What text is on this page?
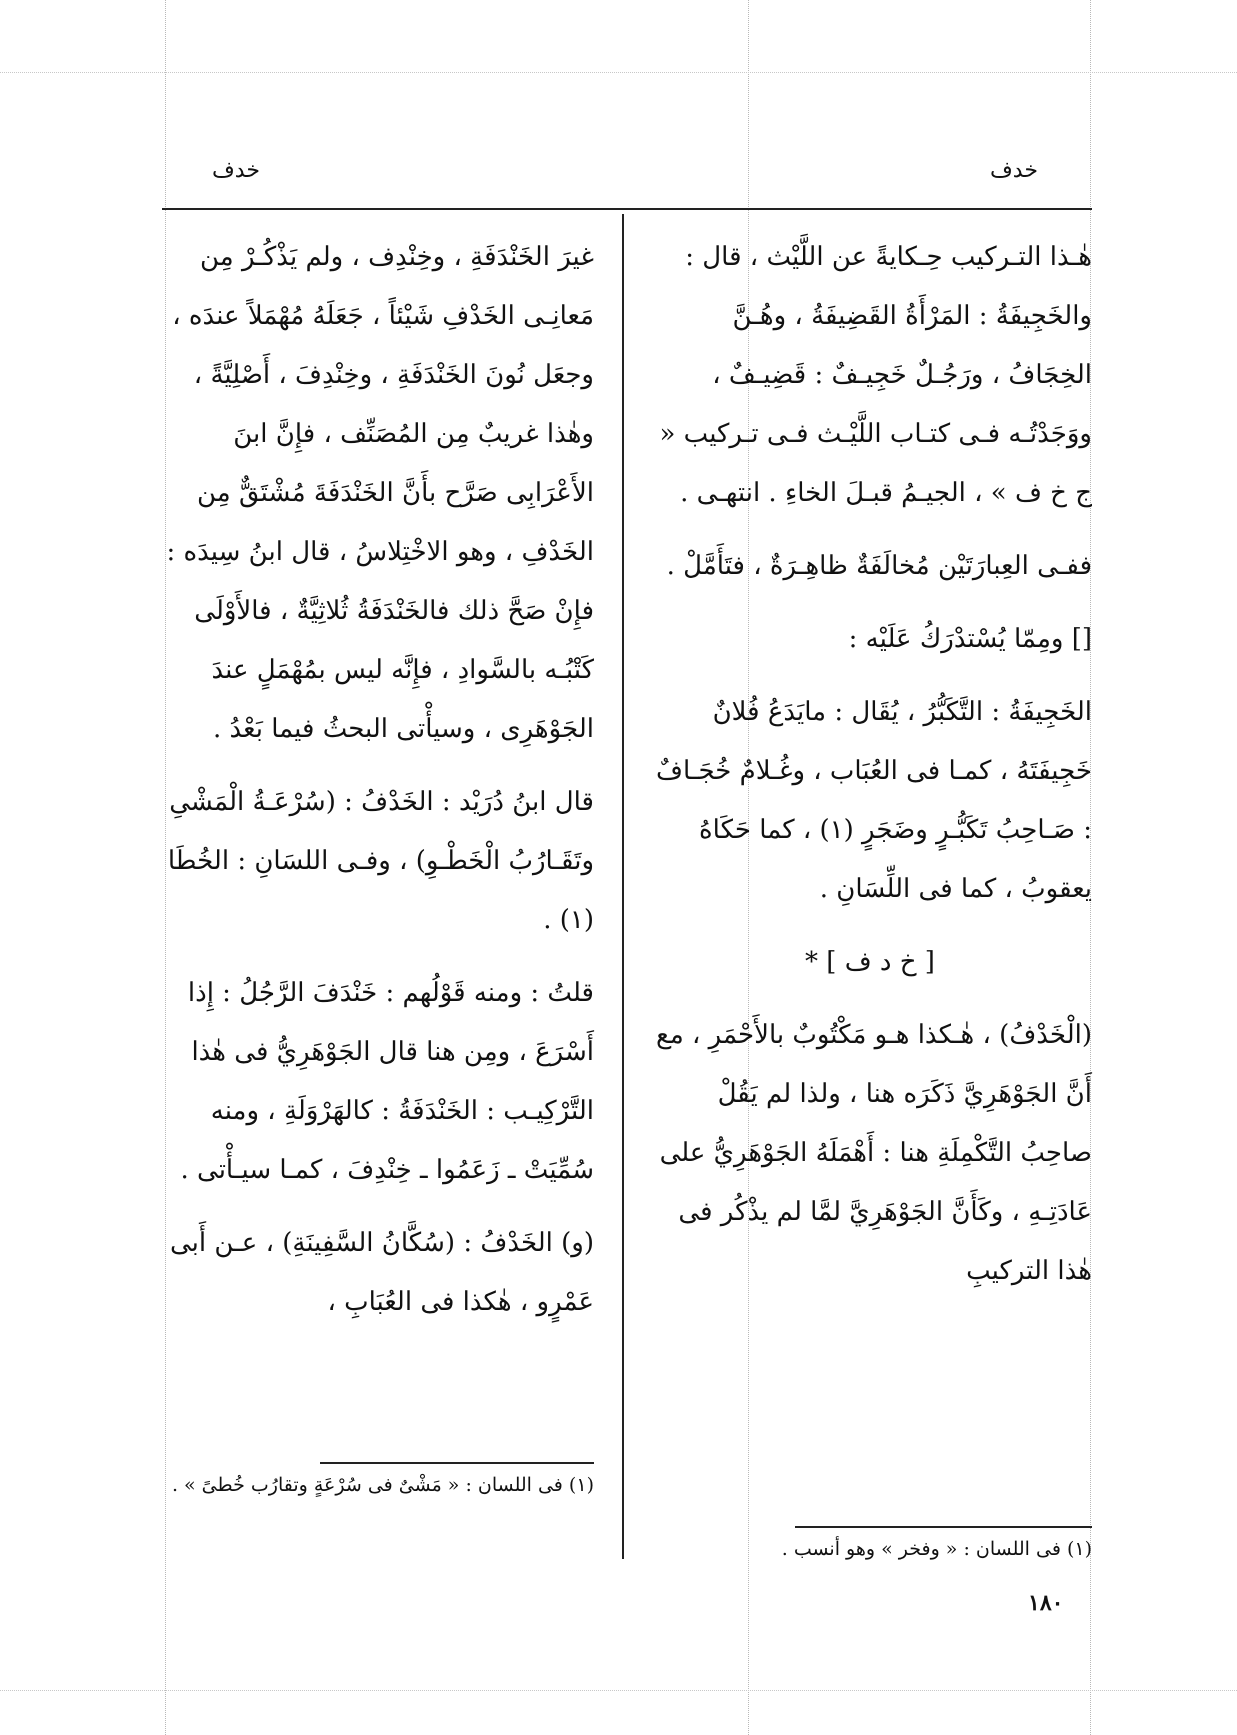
خدف
خدف

هٰـذا التـركيب حِـكايةً عن اللَّيْث ، قال : والخَجِيفَةُ : المَرْأَةُ القَضِيفَةُ ، وهُـنَّ الخِجَافُ ، ورَجُـلٌ خَجِيـفٌ : قَضِيـفٌ ، ووَجَدْتُـه فـى كتـاب اللَّيْـث فـى تـركيب « ج خ ف » ، الجيـمُ قبـلَ الخاءِ . انتهـى .

ففـى العِبارَتَيْن مُخالَفَةٌ ظاهِـرَةٌ ، فتَأَمَّلْ .

[] ومِمّا يُسْتدْرَكُ عَلَيْه :

الخَجِيفَةُ : التَّكَبُّرُ ، يُقَال : مايَدَعُ فُلانٌ خَجِيفَتَهُ ، كمـا فى العُبَاب ، وغُـلامٌ خُجَـافٌ : صَـاحِبُ تَكَبُّـرٍ وضَجَرٍ (١) ، كما حَكَاهُ يعقوبُ ، كما فى اللِّسَانِ .

[ خ د ف ] *

(الْخَدْفُ) ، هٰـكذا هـو مَكْتُوبٌ بالأَحْمَرِ ، مع أَنَّ الجَوْهَرِيَّ ذَكَرَه هنا ، ولذا لم يَقُلْ صاحِبُ التَّكْمِلَةِ هنا : أَهْمَلَهُ الجَوْهَرِيُّ على عَادَتِـهِ ، وكَأَنَّ الجَوْهَرِيَّ لمَّا لم يذْكُر فى هٰذا التركيبِ

غيرَ الخَنْدَفَةِ ، وخِنْدِف ، ولم يَذْكُـرْ مِن مَعانِـى الخَدْفِ شَيْئاً ، جَعَلَهُ مُهْمَلاً عندَه ، وجعَل نُونَ الخَنْدَفَةِ ، وخِنْدِفَ ، أَصْلِيَّةً ، وهٰذا غريبٌ مِن المُصَنِّف ، فإِنَّ ابنَ الأَعْرَابِى صَرَّح بأَنَّ الخَنْدَفَةَ مُشْتَقٌّ مِن الخَدْفِ ، وهو الاخْتِلاسُ ، قال ابنُ سِيدَه : فإِنْ صَحَّ ذلك فالخَنْدَفَةُ ثُلاثِيَّةٌ ، فالأَوْلَى كَتْبُـه بالسَّوادِ ، فإِنَّه ليس بمُهْمَلٍ عندَ الجَوْهَرِى ، وسيأْتى البحثُ فيما بَعْدُ .

قال ابنُ دُرَيْد : الخَدْفُ : (سُرْعَـةُ الْمَشْىِ وتَقَـارُبُ الْخَطْـوِ) ، وفـى اللسَانِ : الخُطَا (١) .

قلتُ : ومنه قَوْلُهم : خَنْدَفَ الرَّجُلُ : إِذا أَسْرَعَ ، ومِن هنا قال الجَوْهَرِيُّ فى هٰذا التَّرْكِيـب : الخَنْدَفَةُ : كالهَرْوَلَةِ ، ومنه سُمِّيَتْ ـ زَعَمُوا ـ خِنْدِفَ ، كمـا سيـأْتى .

(و) الخَدْفُ : (سُكَّانُ السَّفِينَةِ) ، عـن أَبى عَمْرٍو ، هٰكذا فى العُبَابِ ،

(١) فى اللسان : « وفخر » وهو أنسب .
(١) فى اللسان : « مَشْىٌ فى سُرْعَةٍ وتقارُب خُطىً » .
١٨٠
